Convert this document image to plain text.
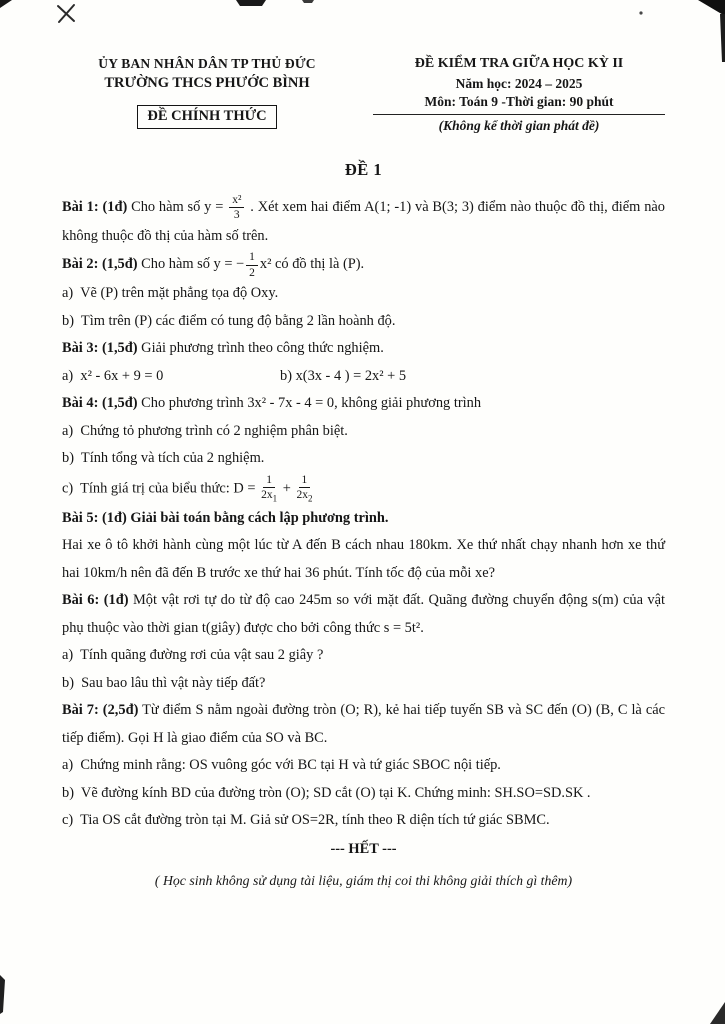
ỦY BAN NHÂN DÂN TP THỦ ĐỨC
TRƯỜNG THCS PHƯỚC BÌNH
ĐỀ CHÍNH THỨC
ĐỀ KIỂM TRA GIỮA HỌC KỲ II
Năm học: 2024 – 2025
Môn: Toán 9 -Thời gian: 90 phút
(Không kể thời gian phát đề)
ĐỀ 1

Bài 1: (1đ) Cho hàm số $y = \frac{\text{x²}}{3}$ . Xét xem hai điểm A(1; -1) và B(3; 3) điểm nào thuộc đồ thị, điểm nào không thuộc đồ thị của hàm số trên.

Bài 2: (1,5đ) Cho hàm số y = − $\frac{1}{2} x^2$ có đồ thị là (P).

a)  Vẽ (P) trên mặt phẳng tọa độ Oxy.

b)  Tìm trên (P) các điểm có tung độ bằng 2 lần hoành độ.

Bài 3: (1,5đ) Giải phương trình theo công thức nghiệm.

a)  x² - 6x + 9 = 0	b) x(3x - 4 ) = 2x² + 5

Bài 4: (1,5đ) Cho phương trình 3x² - 7x - 4 = 0, không giải phương trình

a)  Chứng tỏ phương trình có 2 nghiệm phân biệt.

b)  Tính tổng và tích của 2 nghiệm.

c)  Tính giá trị của biểu thức: $D = \frac{1}{2x_1} + \frac{1}{2x_2}$

Bài 5: (1đ) Giải bài toán bằng cách lập phương trình.

Hai xe ô tô khởi hành cùng một lúc từ A đến B cách nhau 180km. Xe thứ nhất chạy nhanh hơn xe thứ hai 10km/h nên đã đến B trước xe thứ hai 36 phút. Tính tốc độ của mỗi xe?

Bài 6: (1đ) Một vật rơi tự do từ độ cao 245m so với mặt đất. Quãng đường chuyển động s(m) của vật phụ thuộc vào thời gian t(giây) được cho bởi công thức s = 5t².

a)  Tính quãng đường rơi của vật sau 2 giây ?

b)  Sau bao lâu thì vật này tiếp đất?

Bài 7: (2,5đ) Từ điểm S nằm ngoài đường tròn (O; R), kẻ hai tiếp tuyến SB và SC đến (O) (B, C là các tiếp điểm). Gọi H là giao điểm của SO và BC.

a)  Chứng minh rằng: OS vuông góc với BC tại H và tứ giác SBOC nội tiếp.

b)  Vẽ đường kính BD của đường tròn (O); SD cắt (O) tại K. Chứng minh: SH.SO=SD.SK .

c)  Tia OS cắt đường tròn tại M. Giả sử OS=2R, tính theo R diện tích tứ giác SBMC.

--- HẾT ---

( Học sinh không sử dụng tài liệu, giám thị coi thi không giải thích gì thêm)
